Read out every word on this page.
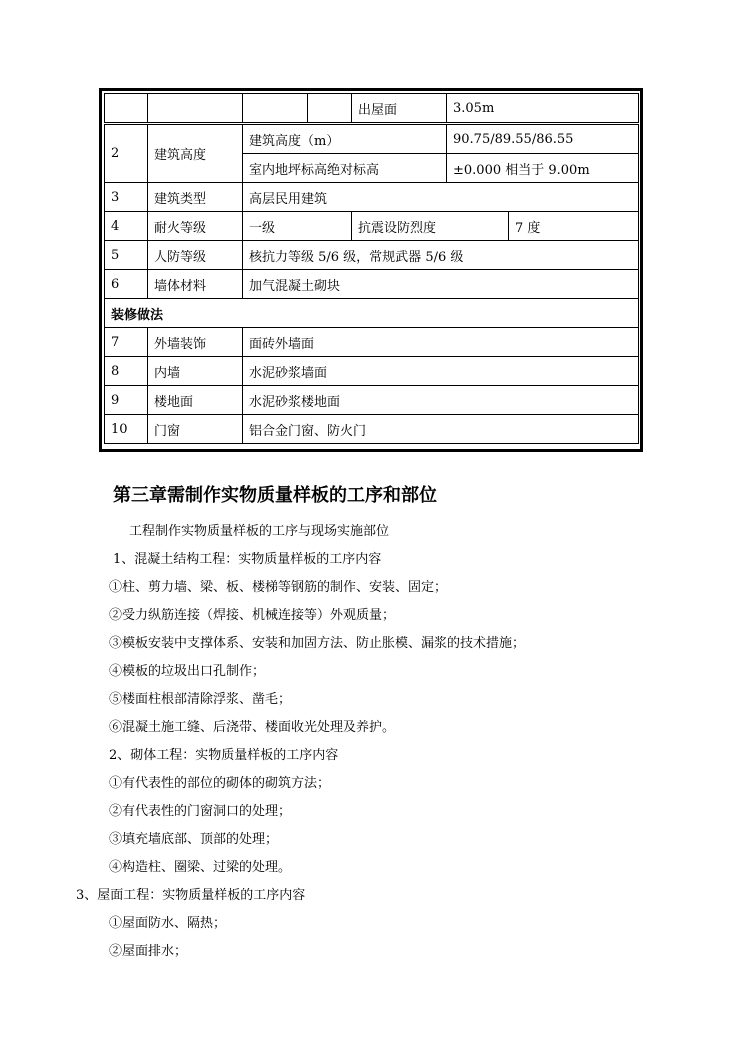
				出屋面	3.05m	

2	建筑高度	建筑高度（m）			90.75/89.55/86.55	
		室内地坪标高绝对标高			±0.000 相当于 9.00m	
3	建筑类型	高层民用建筑				
4	耐火等级	一级		抗震设防烈度		7 度
5	人防等级	核抗力等级 5/6 级，常规武器 5/6 级				
6	墙体材料	加气混凝土砌块				
装修做法						
7	外墙装饰	面砖外墙面				
8	内墙	水泥砂浆墙面				
9	楼地面	水泥砂浆楼地面				
10	门窗	铝合金门窗、防火门				
第三章需制作实物质量样板的工序和部位
工程制作实物质量样板的工序与现场实施部位
1、混凝土结构工程：实物质量样板的工序内容
①柱、剪力墙、梁、板、楼梯等钢筋的制作、安装、固定；
②受力纵筋连接（焊接、机械连接等）外观质量；
③模板安装中支撑体系、安装和加固方法、防止胀模、漏浆的技术措施；
④模板的垃圾出口孔制作；
⑤楼面柱根部清除浮浆、凿毛；
⑥混凝土施工缝、后浇带、楼面收光处理及养护。
2、砌体工程：实物质量样板的工序内容
①有代表性的部位的砌体的砌筑方法；
②有代表性的门窗洞口的处理；
③填充墙底部、顶部的处理；
④构造柱、圈梁、过梁的处理。
3、屋面工程：实物质量样板的工序内容
①屋面防水、隔热；
②屋面排水；
